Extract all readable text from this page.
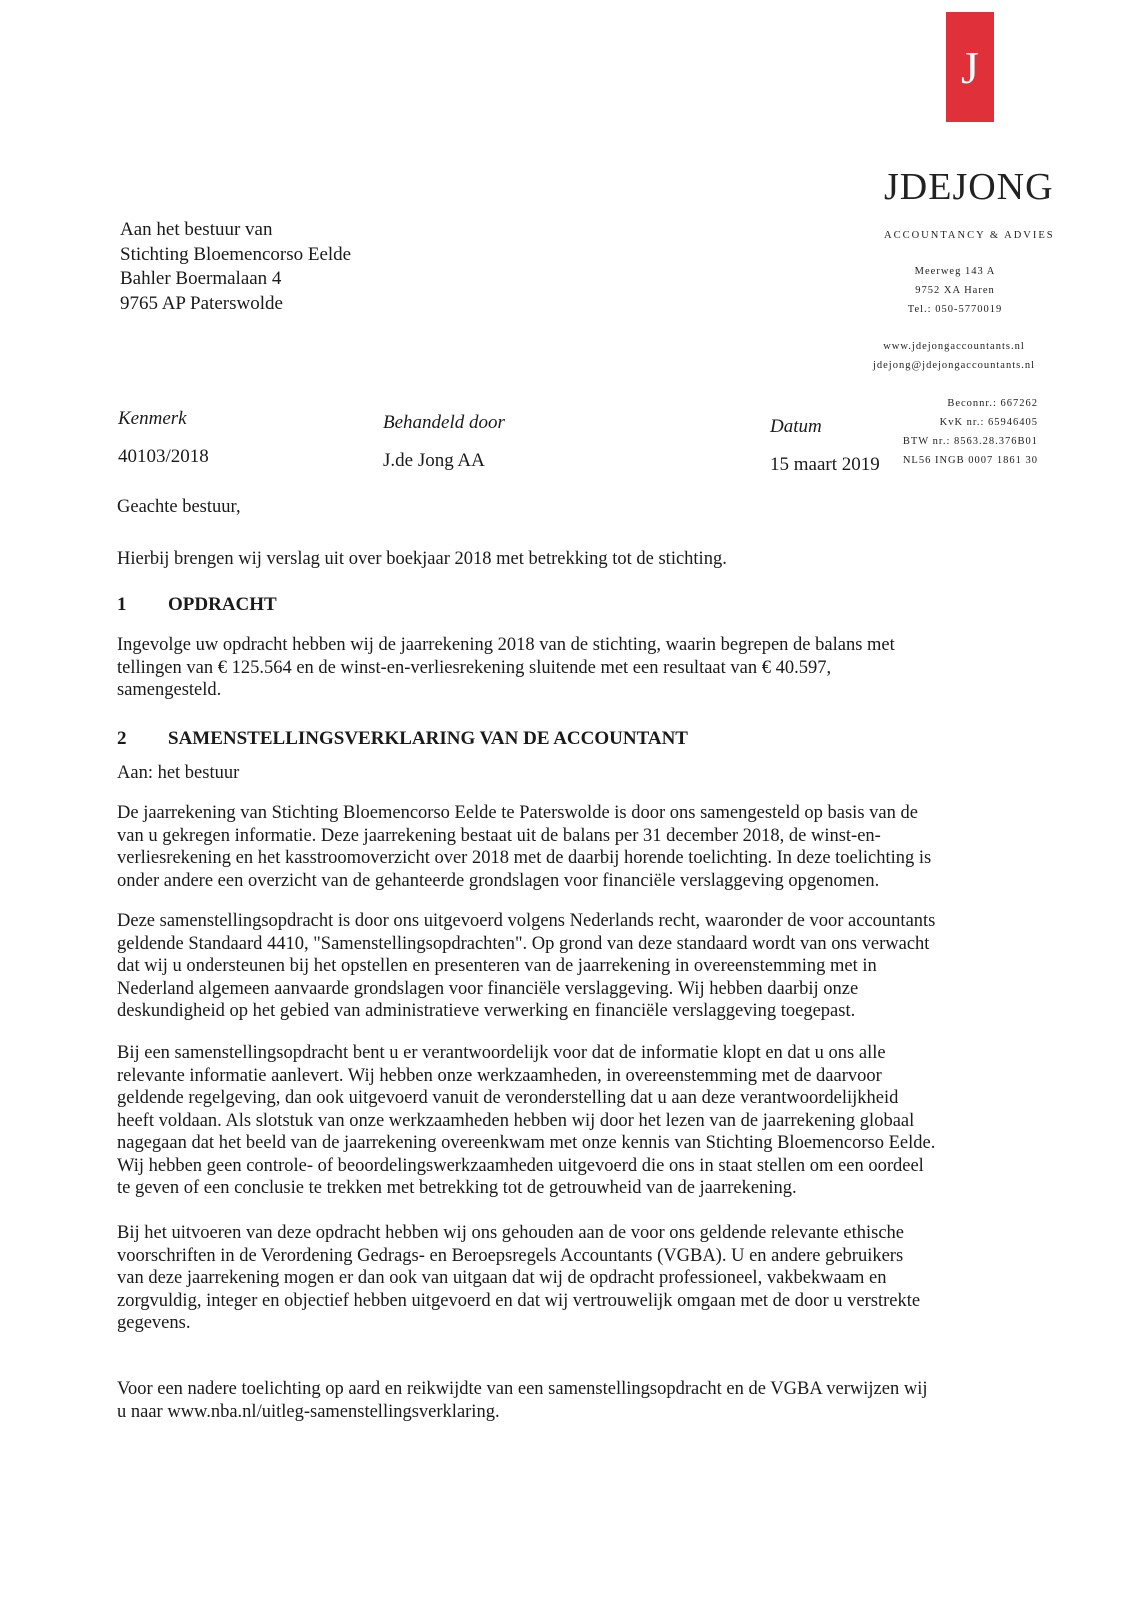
J
JDEJONG
ACCOUNTANCY & ADVIES
Meerweg 143 A
9752 XA Haren
Tel.: 050-5770019
www.jdejongaccountants.nl
jdejong@jdejongaccountants.nl
Beconnr.: 667262
KvK nr.: 65946405
BTW nr.: 8563.28.376B01
NL56 INGB 0007 1861 30
Aan het bestuur van
Stichting Bloemencorso Eelde
Bahler Boermalaan 4
9765 AP Paterswolde
Kenmerk
40103/2018
Behandeld door
J.de Jong AA
Datum
15 maart 2019
Geachte bestuur,
Hierbij brengen wij verslag uit over boekjaar 2018 met betrekking tot de stichting.
1 OPDRACHT
Ingevolge uw opdracht hebben wij de jaarrekening 2018 van de stichting, waarin begrepen de balans met
tellingen van € 125.564 en de winst-en-verliesrekening sluitende met een resultaat van € 40.597,
samengesteld.
2 SAMENSTELLINGSVERKLARING VAN DE ACCOUNTANT
Aan: het bestuur
De jaarrekening van Stichting Bloemencorso Eelde te Paterswolde is door ons samengesteld op basis van de
van u gekregen informatie. Deze jaarrekening bestaat uit de balans per 31 december 2018, de winst-en-
verliesrekening en het kasstroomoverzicht over 2018 met de daarbij horende toelichting. In deze toelichting is
onder andere een overzicht van de gehanteerde grondslagen voor financiële verslaggeving opgenomen.
Deze samenstellingsopdracht is door ons uitgevoerd volgens Nederlands recht, waaronder de voor accountants
geldende Standaard 4410, "Samenstellingsopdrachten". Op grond van deze standaard wordt van ons verwacht
dat wij u ondersteunen bij het opstellen en presenteren van de jaarrekening in overeenstemming met in
Nederland algemeen aanvaarde grondslagen voor financiële verslaggeving. Wij hebben daarbij onze
deskundigheid op het gebied van administratieve verwerking en financiële verslaggeving toegepast.
Bij een samenstellingsopdracht bent u er verantwoordelijk voor dat de informatie klopt en dat u ons alle
relevante informatie aanlevert. Wij hebben onze werkzaamheden, in overeenstemming met de daarvoor
geldende regelgeving, dan ook uitgevoerd vanuit de veronderstelling dat u aan deze verantwoordelijkheid
heeft voldaan. Als slotstuk van onze werkzaamheden hebben wij door het lezen van de jaarrekening globaal
nagegaan dat het beeld van de jaarrekening overeenkwam met onze kennis van Stichting Bloemencorso Eelde.
Wij hebben geen controle- of beoordelingswerkzaamheden uitgevoerd die ons in staat stellen om een oordeel
te geven of een conclusie te trekken met betrekking tot de getrouwheid van de jaarrekening.
Bij het uitvoeren van deze opdracht hebben wij ons gehouden aan de voor ons geldende relevante ethische
voorschriften in de Verordening Gedrags- en Beroepsregels Accountants (VGBA). U en andere gebruikers
van deze jaarrekening mogen er dan ook van uitgaan dat wij de opdracht professioneel, vakbekwaam en
zorgvuldig, integer en objectief hebben uitgevoerd en dat wij vertrouwelijk omgaan met de door u verstrekte
gegevens.
Voor een nadere toelichting op aard en reikwijdte van een samenstellingsopdracht en de VGBA verwijzen wij
u naar www.nba.nl/uitleg-samenstellingsverklaring.
